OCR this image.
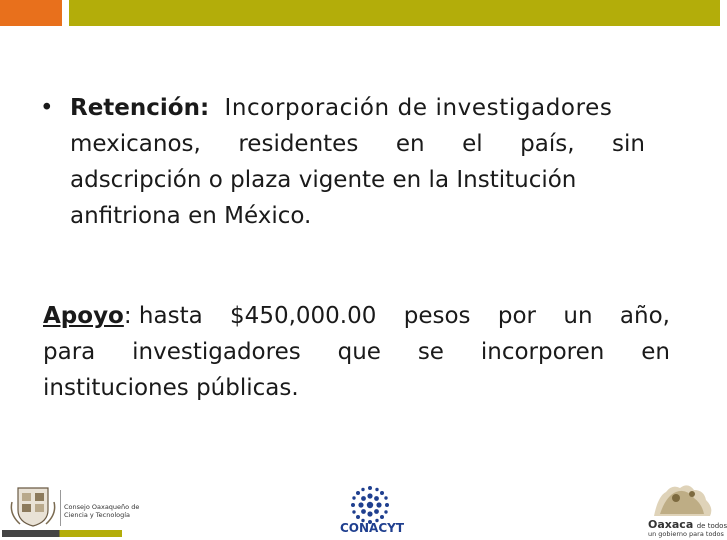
• Retención: Incorporación de investigadores
mexicanos, residentes en el país, sin
adscripción o plaza vigente en la Institución
anfitriona en México.
Apoyo: hasta $450,000.00 pesos por un año,
para investigadores que se incorporen en
instituciones públicas.
Consejo Oaxaqueño de
Ciencia y Tecnología
CONACYT	Oaxaca de todos
un gobierno para todos
